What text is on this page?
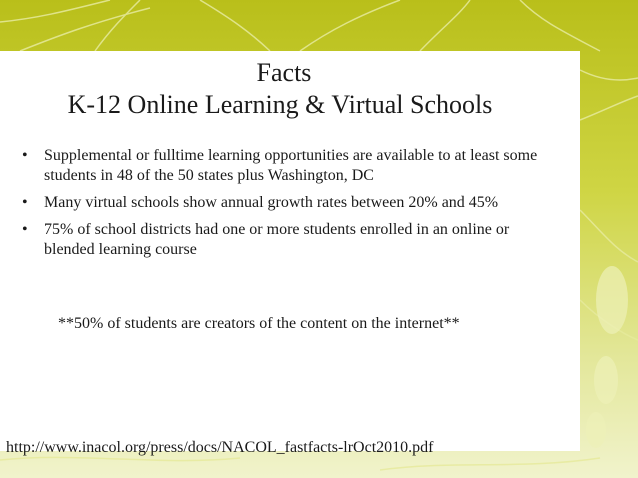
Facts
K-12 Online Learning & Virtual Schools
• Supplemental or fulltime learning opportunities are available to at least some students in 48 of the 50 states plus Washington, DC
• Many virtual schools show annual growth rates between 20% and 45%
• 75% of school districts had one or more students enrolled in an online or blended learning course
**50% of students are creators of the content on the internet**
http://www.inacol.org/press/docs/NACOL_fastfacts-lrOct2010.pdf
